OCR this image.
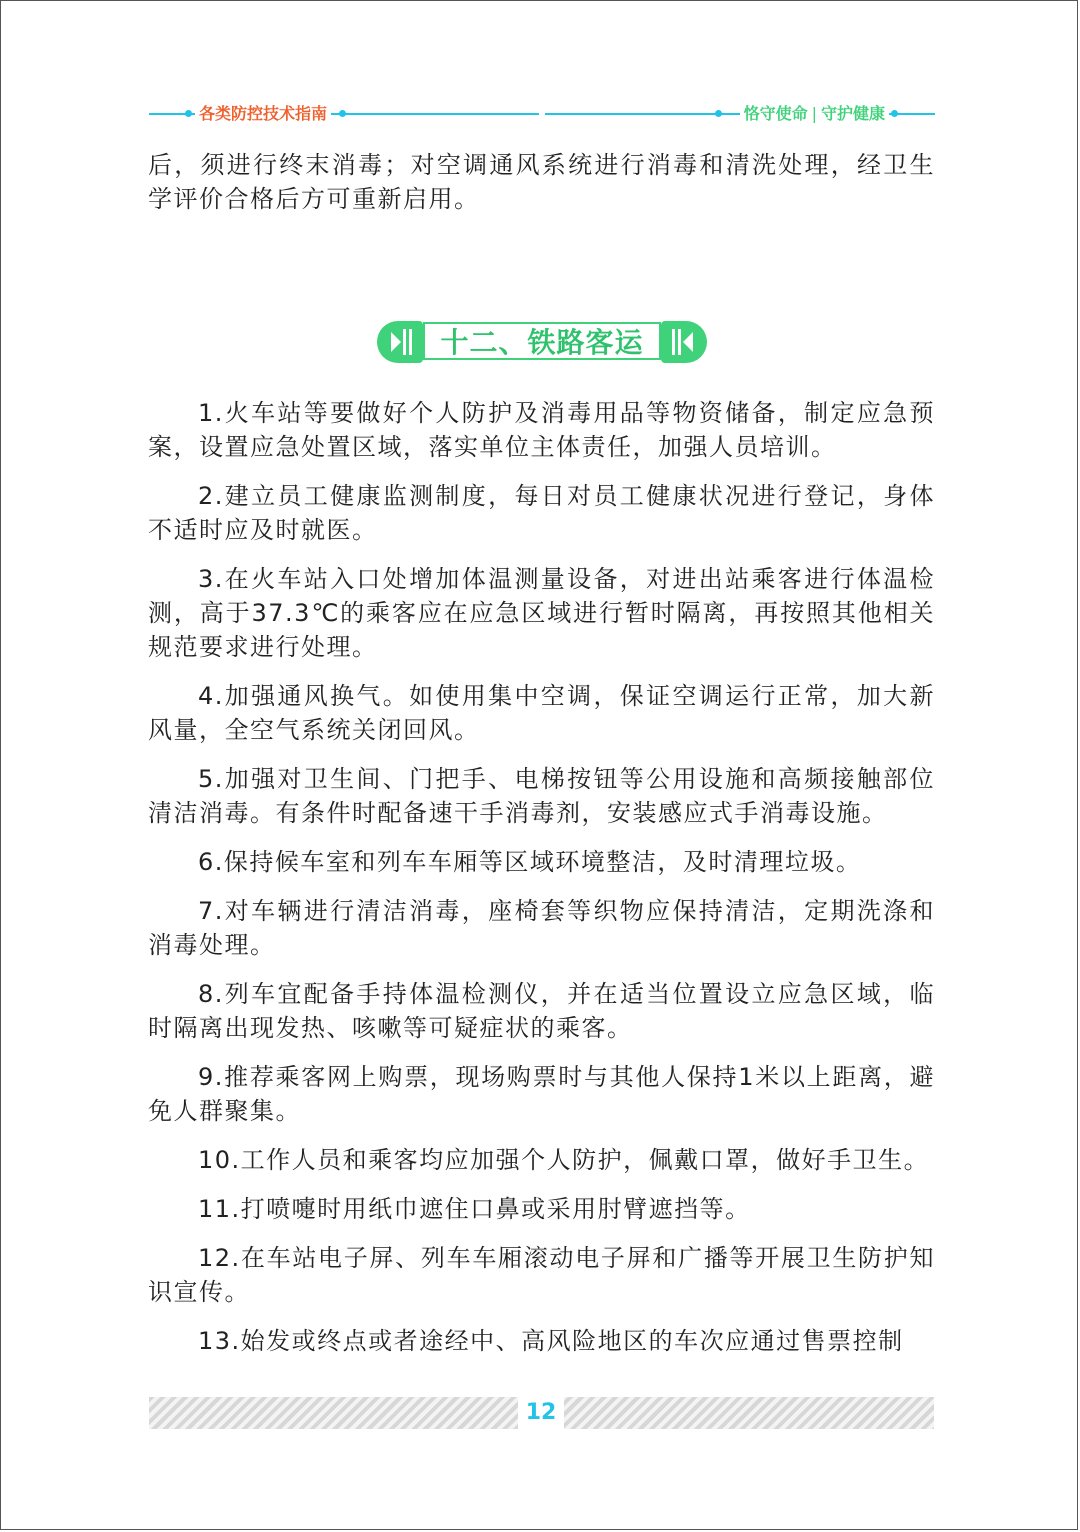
各类防控技术指南	恪守使命 | 守护健康

后，须进行终末消毒；对空调通风系统进行消毒和清洗处理，经卫生学评价合格后方可重新启用。

十二、铁路客运

1.火车站等要做好个人防护及消毒用品等物资储备，制定应急预案，设置应急处置区域，落实单位主体责任，加强人员培训。

2.建立员工健康监测制度，每日对员工健康状况进行登记，身体不适时应及时就医。

3.在火车站入口处增加体温测量设备，对进出站乘客进行体温检测，高于37.3℃的乘客应在应急区域进行暂时隔离，再按照其他相关规范要求进行处理。

4.加强通风换气。如使用集中空调，保证空调运行正常，加大新风量，全空气系统关闭回风。

5.加强对卫生间、门把手、电梯按钮等公用设施和高频接触部位清洁消毒。有条件时配备速干手消毒剂，安装感应式手消毒设施。

6.保持候车室和列车车厢等区域环境整洁，及时清理垃圾。

7.对车辆进行清洁消毒，座椅套等织物应保持清洁，定期洗涤和消毒处理。

8.列车宜配备手持体温检测仪，并在适当位置设立应急区域，临时隔离出现发热、咳嗽等可疑症状的乘客。

9.推荐乘客网上购票，现场购票时与其他人保持1米以上距离，避免人群聚集。

10.工作人员和乘客均应加强个人防护，佩戴口罩，做好手卫生。

11.打喷嚏时用纸巾遮住口鼻或采用肘臂遮挡等。

12.在车站电子屏、列车车厢滚动电子屏和广播等开展卫生防护知识宣传。

13.始发或终点或者途经中、高风险地区的车次应通过售票控制

12
